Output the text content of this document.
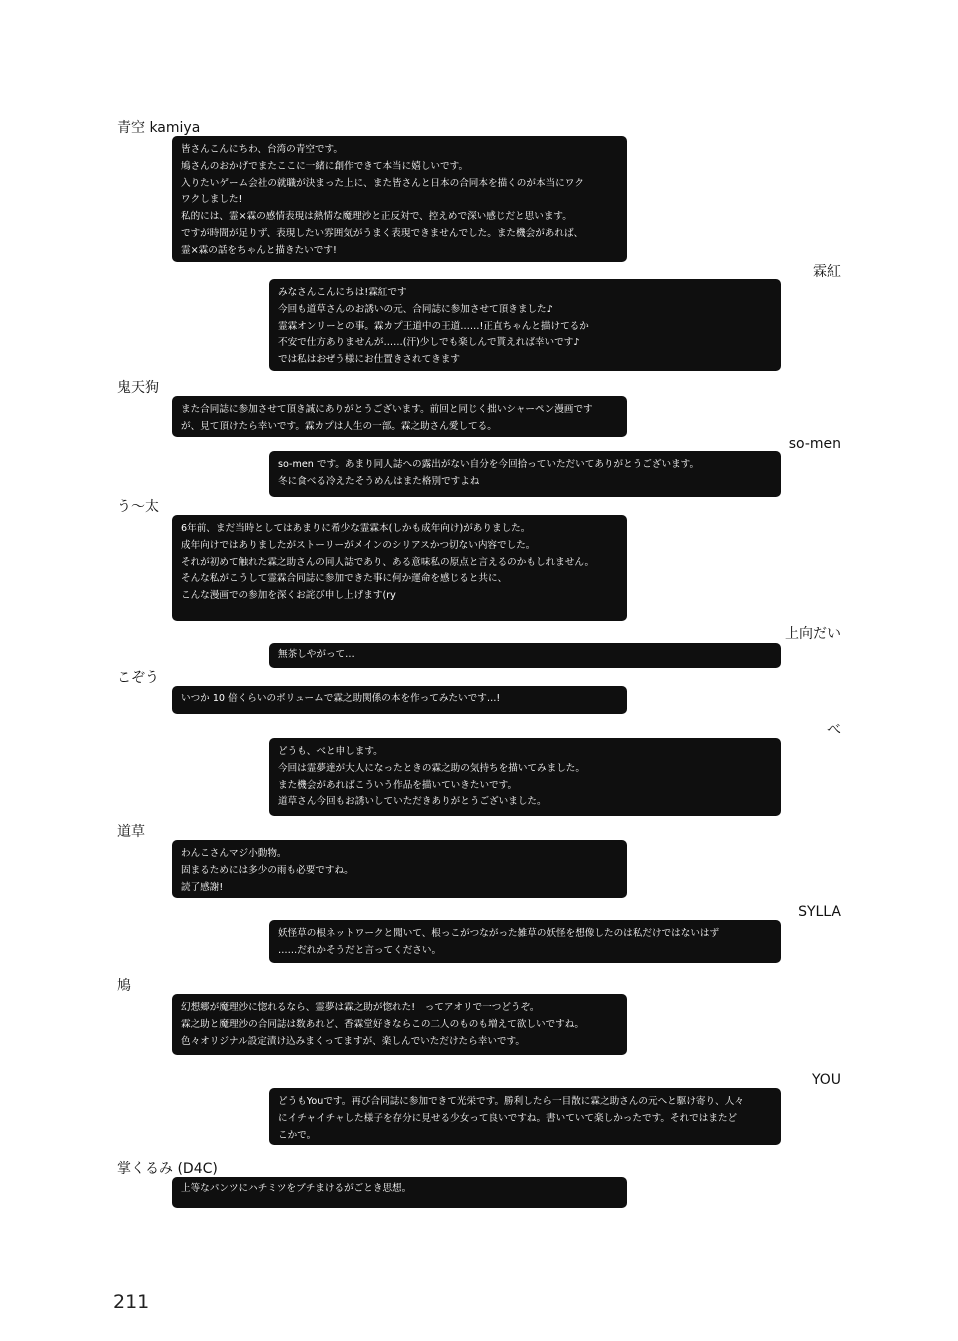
青空 kamiya
皆さんこんにちわ、台湾の青空です。
鳩さんのおかげでまたここに一緒に創作できて本当に嬉しいです。
入りたいゲーム会社の就職が決まった上に、また皆さんと日本の合同本を描くのが本当にワク
ワクしました!
私的には、霊×霖の感情表現は熱情な魔理沙と正反対で、控えめで深い感じだと思います。
ですが時間が足りず、表現したい雰囲気がうまく表現できませんでした。また機会があれば、
霊×霖の話をちゃんと描きたいです!
霖紅
みなさんこんにちは!霖紅です
今回も道草さんのお誘いの元、合同誌に参加させて頂きました♪
霊霖オンリーとの事。霖カプ王道中の王道……!正直ちゃんと描けてるか
不安で仕方ありませんが……(汗)少しでも楽しんで貰えれば幸いです♪
では私はおぜう様にお仕置きされてきます
鬼天狗
また合同誌に参加させて頂き誠にありがとうございます。前回と同じく拙いシャーペン漫画です
が、見て頂けたら幸いです。霖カプは人生の一部。霖之助さん愛してる。
so-men
so-men です。あまり同人誌への露出がない自分を今回拾っていただいてありがとうございます。
冬に食べる冷えたそうめんはまた格別ですよね
う～太
6年前、まだ当時としてはあまりに希少な霊霖本(しかも成年向け)がありました。
成年向けではありましたがストーリーがメインのシリアスかつ切ない内容でした。
それが初めて触れた霖之助さんの同人誌であり、ある意味私の原点と言えるのかもしれません。
そんな私がこうして霊霖合同誌に参加できた事に何か運命を感じると共に、
こんな漫画での参加を深くお詫び申し上げます(ry
上向だい
無茶しやがって…
こぞう
いつか 10 倍くらいのボリュームで霖之助関係の本を作ってみたいです…!
べ
どうも、べと申します。
今回は霊夢達が大人になったときの霖之助の気持ちを描いてみました。
また機会があればこういう作品を描いていきたいです。
道草さん今回もお誘いしていただきありがとうございました。
道草
わんこさんマジ小動物。
固まるためには多少の雨も必要ですね。
読了感謝!
SYLLA
妖怪草の根ネットワークと聞いて、根っこがつながった雑草の妖怪を想像したのは私だけではないはず
……だれかそうだと言ってください。
鳩
幻想郷が魔理沙に惚れるなら、霊夢は霖之助が惚れた!　ってアオリで一つどうぞ。
霖之助と魔理沙の合同誌は数あれど、香霖堂好きならこの二人のものも増えて欲しいですね。
色々オリジナル設定漬け込みまくってますが、楽しんでいただけたら幸いです。
YOU
どうもYouです。再び合同誌に参加できて光栄です。勝利したら一目散に霖之助さんの元へと駆け寄り、人々
にイチャイチャした様子を存分に見せる少女って良いですね。書いていて楽しかったです。それではまたど
こかで。
掌くるみ (D4C)
上等なパンツにハチミツをブチまけるがごとき思想。
211
